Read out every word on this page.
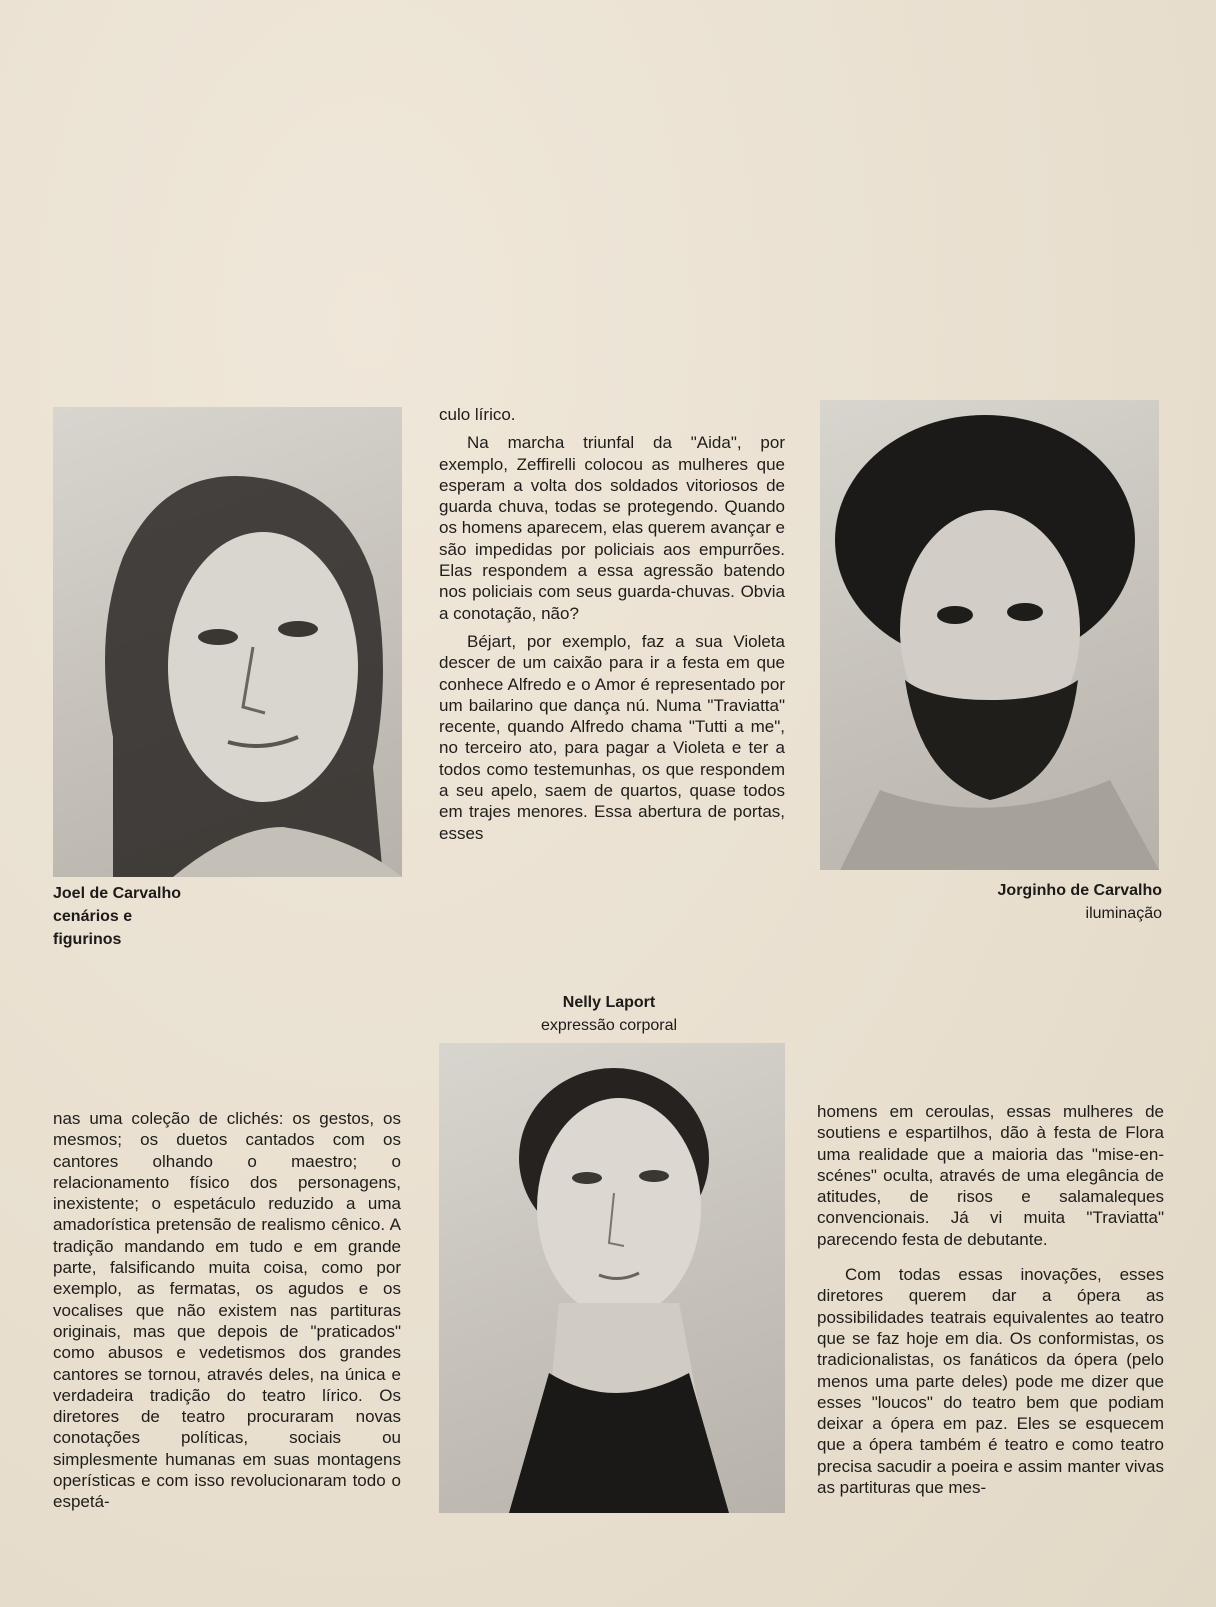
culo lírico.

Na marcha triunfal da "Aida", por exemplo, Zeffirelli colocou as mulheres que esperam a volta dos soldados vitoriosos de guarda chuva, todas se protegendo. Quando os homens aparecem, elas querem avançar e são impedidas por policiais aos empurrões. Elas respondem a essa agressão batendo nos policiais com seus guarda-chuvas. Obvia a conotação, não?

Béjart, por exemplo, faz a sua Violeta descer de um caixão para ir a festa em que conhece Alfredo e o Amor é representado por um bailarino que dança nú. Numa "Traviatta" recente, quando Alfredo chama "Tutti a me", no terceiro ato, para pagar a Violeta e ter a todos como testemunhas, os que respondem a seu apelo, saem de quartos, quase todos em trajes menores. Essa abertura de portas, esses

Joel de Carvalho
cenários e
figurinos
Jorginho de Carvalho
iluminação
Nelly Laport
expressão corporal

nas uma coleção de clichés: os gestos, os mesmos; os duetos cantados com os cantores olhando o maestro; o relacionamento físico dos personagens, inexistente; o espetáculo reduzido a uma amadorística pretensão de realismo cênico. A tradição mandando em tudo e em grande parte, falsificando muita coisa, como por exemplo, as fermatas, os agudos e os vocalises que não existem nas partituras originais, mas que depois de "praticados" como abusos e vedetismos dos grandes cantores se tornou, através deles, na única e verdadeira tradição do teatro lírico. Os diretores de teatro procuraram novas conotações políticas, sociais ou simplesmente humanas em suas montagens operísticas e com isso revolucionaram todo o espetá-

homens em ceroulas, essas mulheres de soutiens e espartilhos, dão à festa de Flora uma realidade que a maioria das "mise-en-scénes" oculta, através de uma elegância de atitudes, de risos e salamaleques convencionais. Já vi muita "Traviatta" parecendo festa de debutante.

Com todas essas inovações, esses diretores querem dar a ópera as possibilidades teatrais equivalentes ao teatro que se faz hoje em dia. Os conformistas, os tradicionalistas, os fanáticos da ópera (pelo menos uma parte deles) pode me dizer que esses "loucos" do teatro bem que podiam deixar a ópera em paz. Eles se esquecem que a ópera também é teatro e como teatro precisa sacudir a poeira e assim manter vivas as partituras que mes-
